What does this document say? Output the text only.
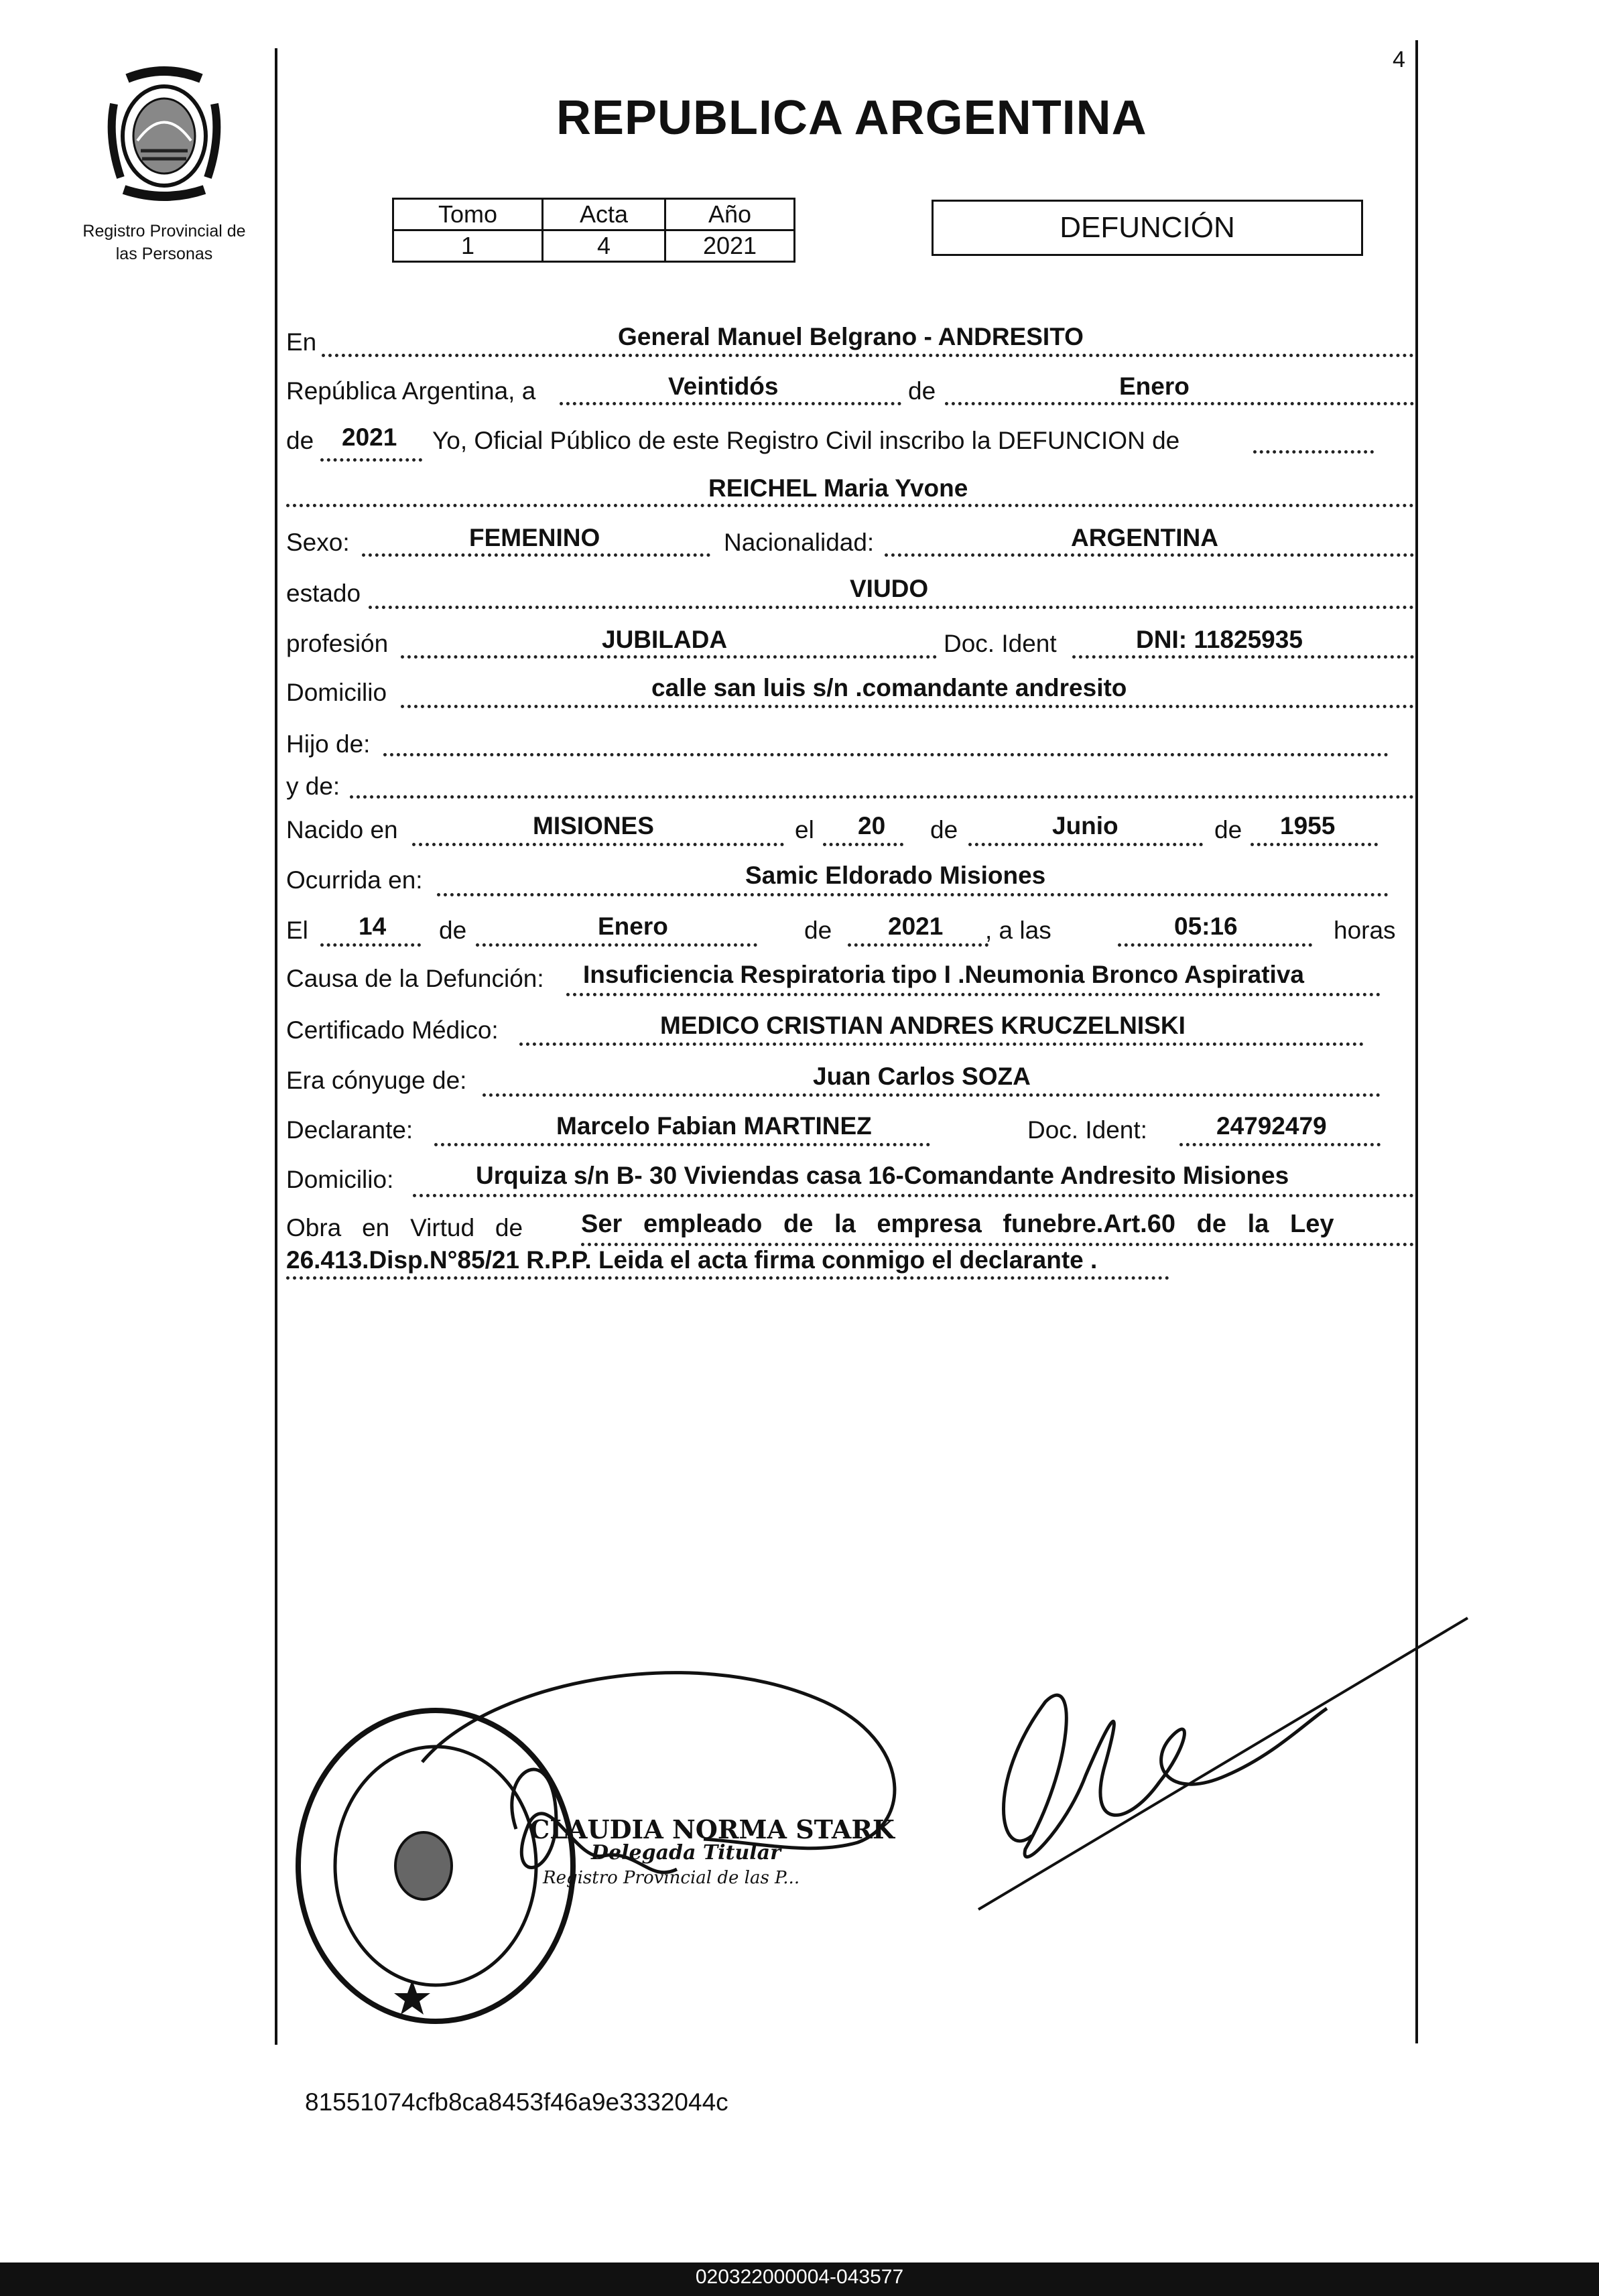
Registro Provincial de
las Personas
4
REPUBLICA ARGENTINA
Tomo	Acta	Año
1	4	2021
DEFUNCIÓN
En	General Manuel Belgrano - ANDRESITO
República Argentina, a	Veintidós	de	Enero
de 2021 Yo, Oficial Público de este Registro Civil inscribo la DEFUNCION de
REICHEL Maria Yvone
Sexo:	FEMENINO	Nacionalidad:	ARGENTINA
estado	VIUDO
profesión	JUBILADA	Doc. Ident	DNI: 11825935
Domicilio	calle san luis s/n .comandante andresito
Hijo de:
y de:
Nacido en	MISIONES	el 20 de	Junio	de 1955
Ocurrida en:	Samic Eldorado Misiones
El 14 de	Enero	de 2021 , a las	05:16	horas
Causa de la Defunción: Insuficiencia Respiratoria tipo I .Neumonia Bronco Aspirativa
Certificado Médico:	MEDICO CRISTIAN ANDRES KRUCZELNISKI
Era cónyuge de:	Juan Carlos SOZA
Declarante:	Marcelo Fabian MARTINEZ	Doc. Ident:	24792479
Domicilio:	Urquiza s/n B- 30 Viviendas casa 16-Comandante Andresito Misiones
Obra   en   Virtud   de Ser   empleado   de   la   empresa   funebre.Art.60   de   la   Ley
26.413.Disp.N°85/21 R.P.P. Leida el acta firma conmigo el declarante .
CLAUDIA NORMA STARK
Delegada Titular
Registro Provincial de las P...
81551074cfb8ca8453f46a9e3332044c
020322000004-043577
